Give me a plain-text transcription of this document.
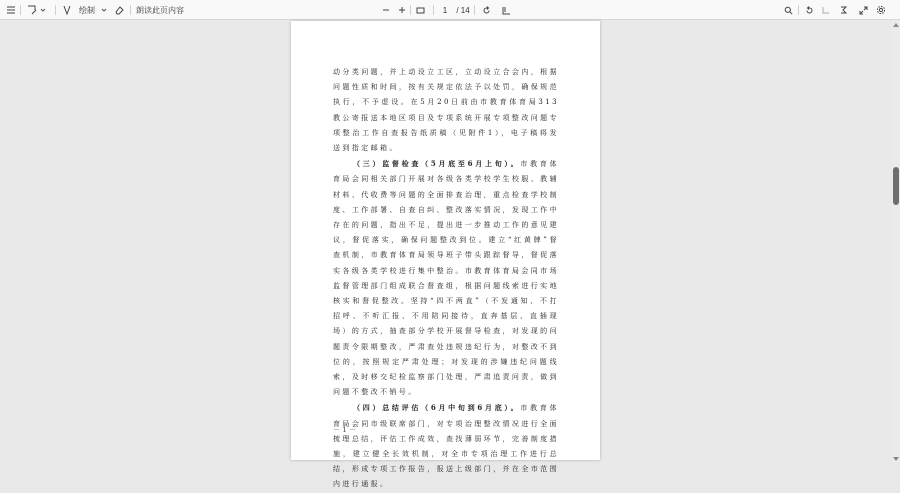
绘制	朗读此页内容	1 / 14

动分类问题，并上动设立工区，立动设立合会内，根据问题性质和时间，按有关规定依法予以处罚，确保规范执行，不予虚设。在5月20日前由市教育体育局313教公寄报送本地区项目及专项系统开展专项整改问题专项整治工作自查报告纸质稿（见附件1），电子稿将发送到指定邮箱。

（三）监督检查（5月底至6月上旬）。市教育体育局会同相关部门开展对各级各类学校学生校服、教辅材料、代收费等问题的全面排查治理，重点检查学校制度、工作部署、自查自纠、整改落实情况，发现工作中存在的问题，指出不足，提出进一步推动工作的意见建议，督促落实，确保问题整改到位。建立“红黄牌”督查机制，市教育体育局领导班子带头跟踪督导，督促落实各级各类学校进行集中整治。市教育体育局会同市场监督管理部门组成联合督查组，根据问题线索进行实地核实和督促整改。坚持“四不两直”（不发通知、不打招呼、不听汇报、不用陪同接待，直奔基层、直插现场）的方式，抽查部分学校开展督导检查，对发现的问题责令限期整改，严肃查处违规违纪行为，对整改不到位的，按照规定严肃处理；对发现的涉嫌违纪问题线索，及时移交纪检监察部门处理，严肃追责问责，做到问题不整改不销号。

（四）总结评估（6月中旬到6月底）。市教育体育局会同市级联席部门，对专项治理整改情况进行全面梳理总结，评估工作成效，查找薄弱环节，完善制度措施，建立健全长效机制，对全市专项治理工作进行总结，形成专项工作报告，报送上级部门，并在全市范围内进行通报。

－ 1 －
